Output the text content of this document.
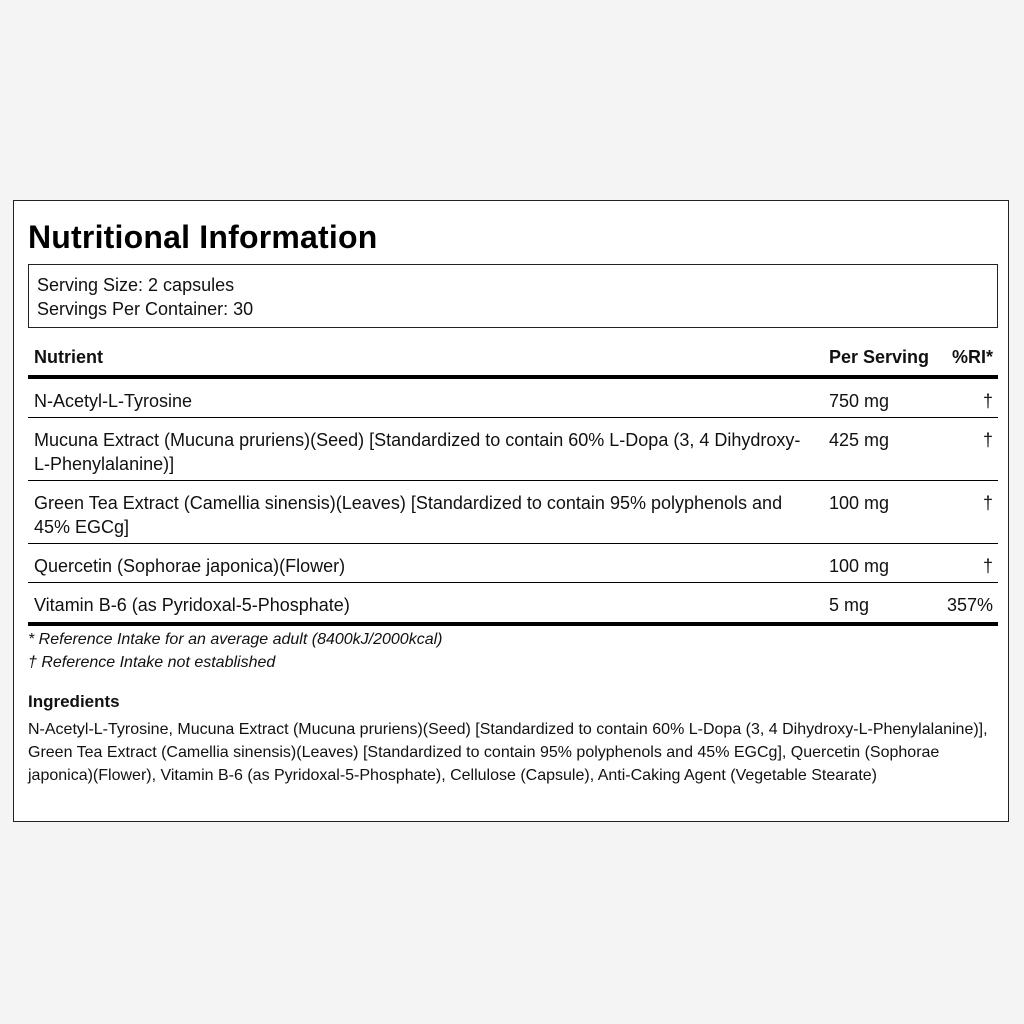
Nutritional Information
Serving Size: 2 capsules
Servings Per Container: 30
Nutrient	Per Serving	%RI*
N-Acetyl-L-Tyrosine	750 mg	†
Mucuna Extract (Mucuna pruriens)(Seed) [Standardized to contain 60% L-Dopa (3, 4 Dihydroxy-L-Phenylalanine)]	425 mg	†
Green Tea Extract (Camellia sinensis)(Leaves) [Standardized to contain 95% polyphenols and 45% EGCg]	100 mg	†
Quercetin (Sophorae japonica)(Flower)	100 mg	†
Vitamin B-6 (as Pyridoxal-5-Phosphate)	5 mg	357%
* Reference Intake for an average adult (8400kJ/2000kcal)
† Reference Intake not established
Ingredients

N-Acetyl-L-Tyrosine, Mucuna Extract (Mucuna pruriens)(Seed) [Standardized to contain 60% L-Dopa (3, 4 Dihydroxy-L-Phenylalanine)], Green Tea Extract (Camellia sinensis)(Leaves) [Standardized to contain 95% polyphenols and 45% EGCg], Quercetin (Sophorae japonica)(Flower), Vitamin B-6 (as Pyridoxal-5-Phosphate), Cellulose (Capsule), Anti-Caking Agent (Vegetable Stearate)
